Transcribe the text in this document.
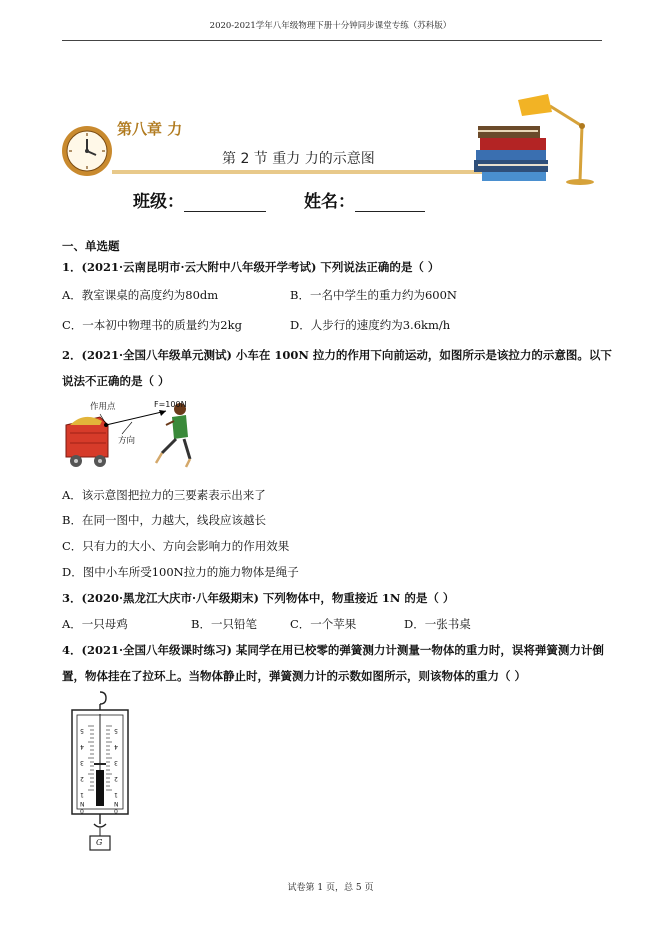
2020-2021学年八年级物理下册十分钟同步课堂专练（苏科版）
第八章 力
第 2 节 重力 力的示意图
班级：	姓名：
一、单选题
1．(2021·云南昆明市·云大附中八年级开学考试) 下列说法正确的是（ ）
A．教室课桌的高度约为80dm	B．一名中学生的重力约为600N
C．一本初中物理书的质量约为2kg	D．人步行的速度约为3.6km/h
2．(2021·全国八年级单元测试) 小车在 100N 拉力的作用下向前运动，如图所示是该拉力的示意图。以下
说法不正确的是（ ）
作用点	F=100N
方向
A．该示意图把拉力的三要素表示出来了
B．在同一图中，力越大，线段应该越长
C．只有力的大小、方向会影响力的作用效果
D．图中小车所受100N拉力的施力物体是绳子
3．(2020·黑龙江大庆市·八年级期末) 下列物体中，物重接近 1N 的是（ ）
A．一只母鸡	B．一只铅笔	C．一个苹果	D．一张书桌
4．(2021·全国八年级课时练习) 某同学在用已校零的弹簧测力计测量一物体的重力时，误将弹簧测力计倒
置，物体挂在了拉环上。当物体静止时，弹簧测力计的示数如图所示，则该物体的重力（ ）
0
1
2
3
4
5
0
1
2
3
4
5
N	N
G
试卷第 1 页，总 5 页
